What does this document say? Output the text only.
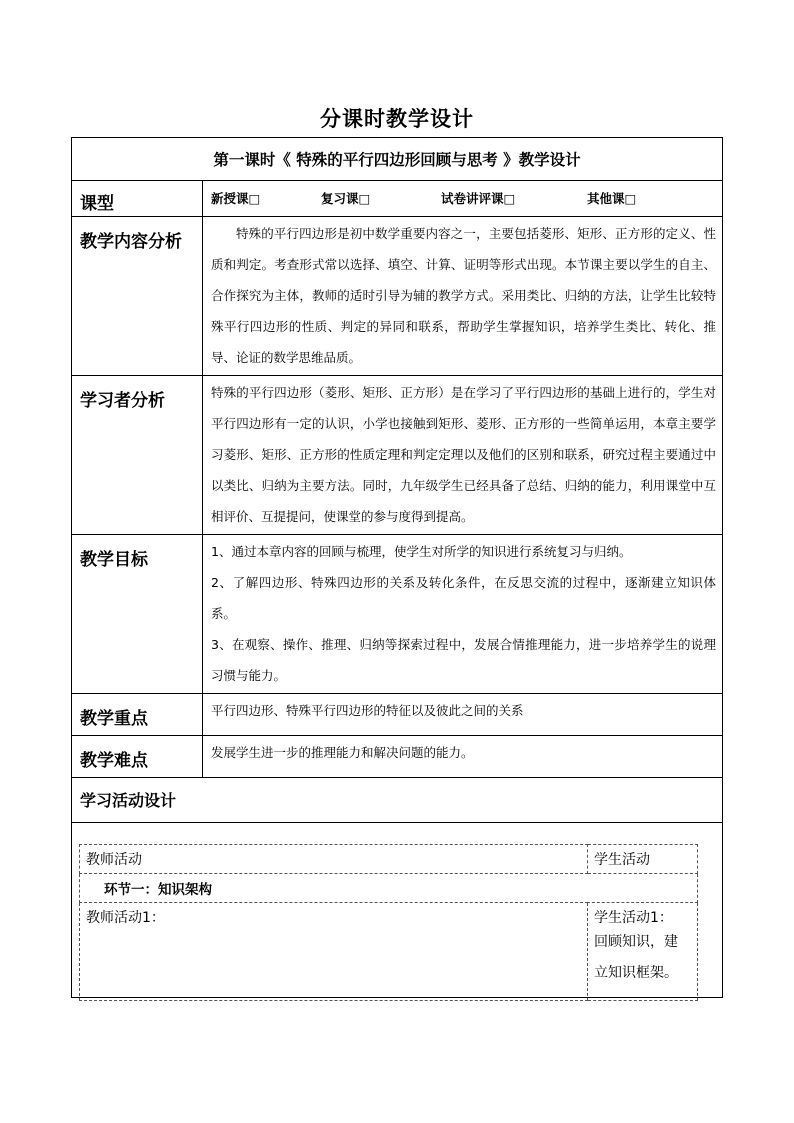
分课时教学设计
第一课时《 特殊的平行四边形回顾与思考 》教学设计
课型	新授课□	复习课□	试卷讲评课□	其他课□

教学内容分析	特殊的平行四边形是初中数学重要内容之一，主要包括菱形、矩形、正方形的定义、性质和判定。考查形式常以选择、填空、计算、证明等形式出现。本节课主要以学生的自主、合作探究为主体，教师的适时引导为辅的教学方式。采用类比、归纳的方法，让学生比较特殊平行四边形的性质、判定的异同和联系，帮助学生掌握知识，培养学生类比、转化、推导、论证的数学思维品质。
学习者分析	特殊的平行四边形（菱形、矩形、正方形）是在学习了平行四边形的基础上进行的，学生对平行四边形有一定的认识，小学也接触到矩形、菱形、正方形的一些简单运用，本章主要学习菱形、矩形、正方形的性质定理和判定定理以及他们的区别和联系，研究过程主要通过中以类比、归纳为主要方法。同时，九年级学生已经具备了总结、归纳的能力，利用课堂中互相评价、互提提问，使课堂的参与度得到提高。
教学目标	1、通过本章内容的回顾与梳理，使学生对所学的知识进行系统复习与归纳。

2、了解四边形、特殊四边形的关系及转化条件，在反思交流的过程中，逐渐建立知识体系。

3、在观察、操作、推理、归纳等探索过程中，发展合情推理能力，进一步培养学生的说理习惯与能力。

教学重点	平行四边形、特殊平行四边形的特征以及彼此之间的关系
教学难点	发展学生进一步的推理能力和解决问题的能力。
学习活动设计

教师活动	学生活动
环节一：知识架构
教师活动1：	学生活动1：
回顾知识，建立知识框架。
